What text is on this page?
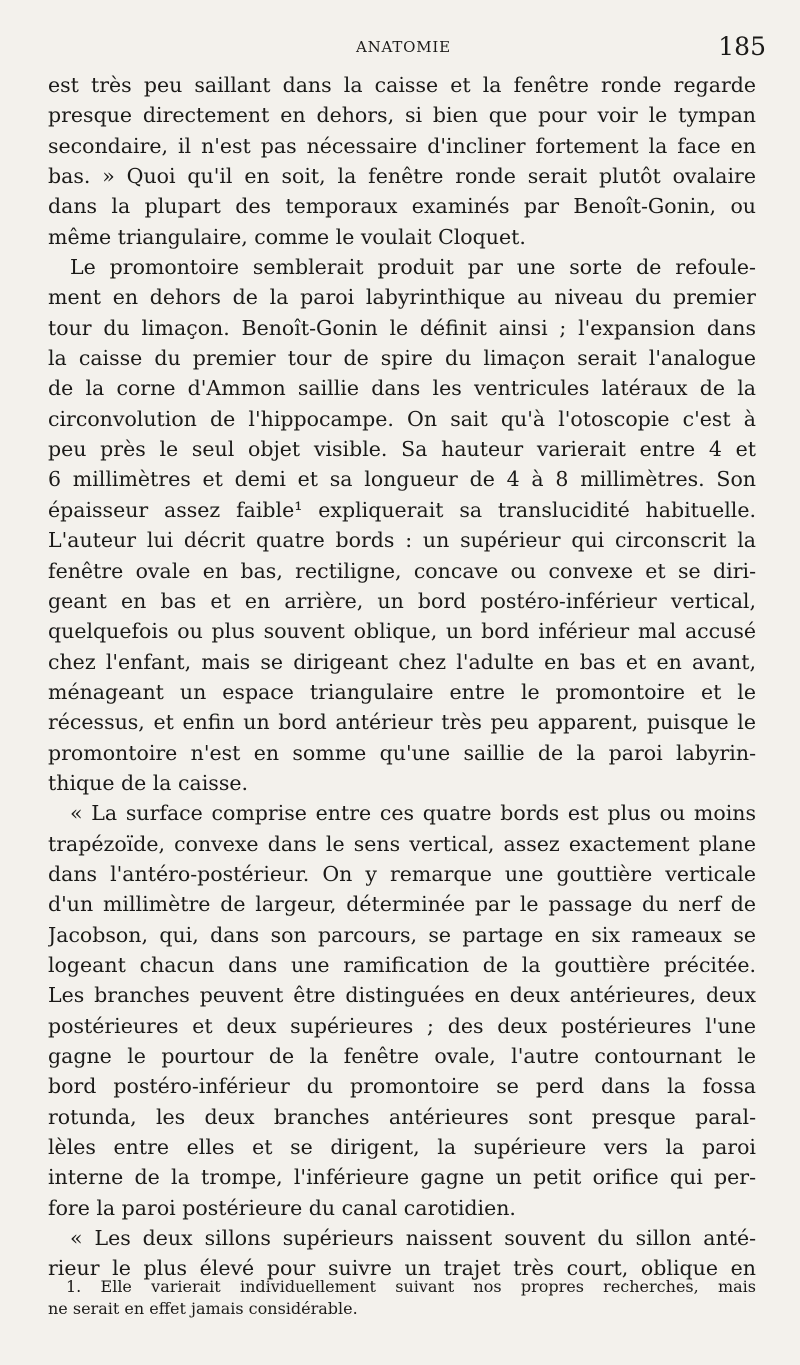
ANATOMIE	185
est très peu saillant dans la caisse et la fenêtre ronde regarde
presque directement en dehors, si bien que pour voir le tympan
secondaire, il n'est pas nécessaire d'incliner fortement la face en
bas. » Quoi qu'il en soit, la fenêtre ronde serait plutôt ovalaire
dans la plupart des temporaux examinés par Benoît-Gonin, ou
même triangulaire, comme le voulait Cloquet.
Le promontoire semblerait produit par une sorte de refoule-
ment en dehors de la paroi labyrinthique au niveau du premier
tour du limaçon. Benoît-Gonin le définit ainsi ; l'expansion dans
la caisse du premier tour de spire du limaçon serait l'analogue
de la corne d'Ammon saillie dans les ventricules latéraux de la
circonvolution de l'hippocampe. On sait qu'à l'otoscopie c'est à
peu près le seul objet visible. Sa hauteur varierait entre 4 et
6 millimètres et demi et sa longueur de 4 à 8 millimètres. Son
épaisseur assez faible¹ expliquerait sa translucidité habituelle.
L'auteur lui décrit quatre bords : un supérieur qui circonscrit la
fenêtre ovale en bas, rectiligne, concave ou convexe et se diri-
geant en bas et en arrière, un bord postéro-inférieur vertical,
quelquefois ou plus souvent oblique, un bord inférieur mal accusé
chez l'enfant, mais se dirigeant chez l'adulte en bas et en avant,
ménageant un espace triangulaire entre le promontoire et le
récessus, et enfin un bord antérieur très peu apparent, puisque le
promontoire n'est en somme qu'une saillie de la paroi labyrin-
thique de la caisse.
« La surface comprise entre ces quatre bords est plus ou moins
trapézoïde, convexe dans le sens vertical, assez exactement plane
dans l'antéro-postérieur. On y remarque une gouttière verticale
d'un millimètre de largeur, déterminée par le passage du nerf de
Jacobson, qui, dans son parcours, se partage en six rameaux se
logeant chacun dans une ramification de la gouttière précitée.
Les branches peuvent être distinguées en deux antérieures, deux
postérieures et deux supérieures ; des deux postérieures l'une
gagne le pourtour de la fenêtre ovale, l'autre contournant le
bord postéro-inférieur du promontoire se perd dans la fossa
rotunda, les deux branches antérieures sont presque paral-
lèles entre elles et se dirigent, la supérieure vers la paroi
interne de la trompe, l'inférieure gagne un petit orifice qui per-
fore la paroi postérieure du canal carotidien.
« Les deux sillons supérieurs naissent souvent du sillon anté-
rieur le plus élevé pour suivre un trajet très court, oblique en
1. Elle varierait individuellement suivant nos propres recherches, mais
ne serait en effet jamais considérable.
